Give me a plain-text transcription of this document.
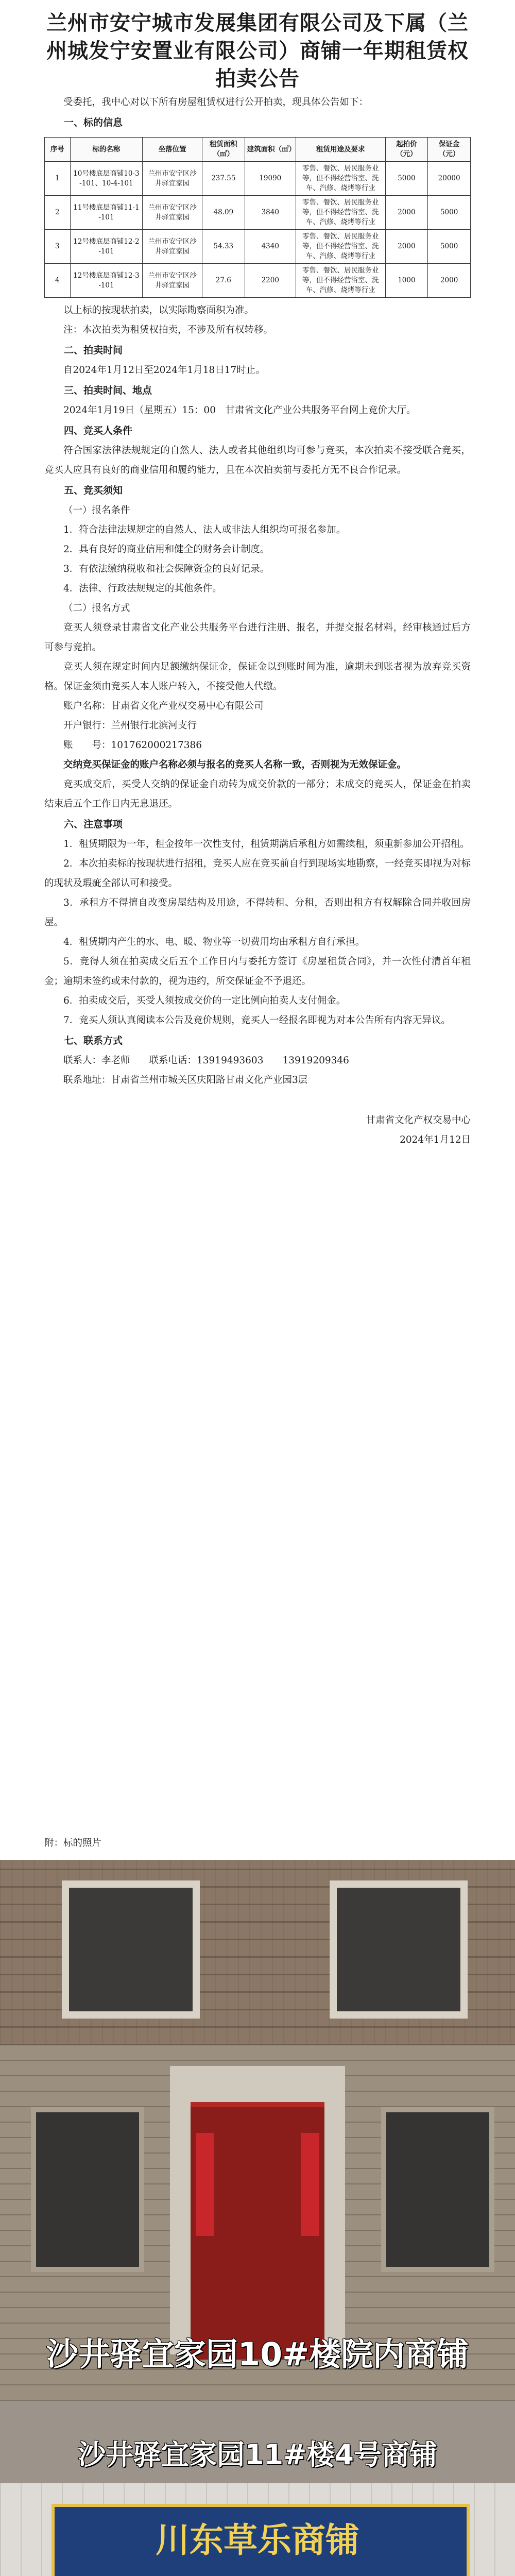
兰州市安宁城市发展集团有限公司及下属（兰州城发宁安置业有限公司）商铺一年期租赁权拍卖公告

受委托，我中心对以下所有房屋租赁权进行公开拍卖，现具体公告如下：

一、标的信息

序号	标的名称	坐落位置	租赁面积（㎡）	建筑面积（㎡）	租赁用途及要求	起拍价（元）	保证金（元）
1	10号楼底层商铺10-3-101、10-4-101	兰州市安宁区沙井驿宜家园	237.55	19090	零售、餐饮、居民服务业等，但不得经营浴室、洗车、汽修、烧烤等行业	5000	20000
2	11号楼底层商铺11-1-101	兰州市安宁区沙井驿宜家园	48.09	3840	零售、餐饮、居民服务业等，但不得经营浴室、洗车、汽修、烧烤等行业	2000	5000
3	12号楼底层商铺12-2-101	兰州市安宁区沙井驿宜家园	54.33	4340	零售、餐饮、居民服务业等，但不得经营浴室、洗车、汽修、烧烤等行业	2000	5000
4	12号楼底层商铺12-3-101	兰州市安宁区沙井驿宜家园	27.6	2200	零售、餐饮、居民服务业等，但不得经营浴室、洗车、汽修、烧烤等行业	1000	2000

以上标的按现状拍卖，以实际勘察面积为准。

注：本次拍卖为租赁权拍卖，不涉及所有权转移。

二、拍卖时间

自2024年1月12日至2024年1月18日17时止。

三、拍卖时间、地点

2024年1月19日（星期五）15：00　甘肃省文化产业公共服务平台网上竞价大厅。

四、竞买人条件

符合国家法律法规规定的自然人、法人或者其他组织均可参与竞买，本次拍卖不接受联合竞买，竞买人应具有良好的商业信用和履约能力，且在本次拍卖前与委托方无不良合作记录。

五、竞买须知

（一）报名条件

1．符合法律法规规定的自然人、法人或非法人组织均可报名参加。

2．具有良好的商业信用和健全的财务会计制度。

3．有依法缴纳税收和社会保障资金的良好记录。

4．法律、行政法规规定的其他条件。

（二）报名方式

竞买人须登录甘肃省文化产业公共服务平台进行注册、报名，并提交报名材料，经审核通过后方可参与竞拍。

竞买人须在规定时间内足额缴纳保证金，保证金以到账时间为准，逾期未到账者视为放弃竞买资格。保证金须由竞买人本人账户转入，不接受他人代缴。

账户名称：甘肃省文化产业权交易中心有限公司

开户银行：兰州银行北滨河支行

账　　号：101762000217386

交纳竞买保证金的账户名称必须与报名的竞买人名称一致，否则视为无效保证金。

竞买成交后，买受人交纳的保证金自动转为成交价款的一部分；未成交的竞买人，保证金在拍卖结束后五个工作日内无息退还。

六、注意事项

1．租赁期限为一年，租金按年一次性支付，租赁期满后承租方如需续租，须重新参加公开招租。

2．本次拍卖标的按现状进行招租，竞买人应在竞买前自行到现场实地勘察，一经竞买即视为对标的现状及瑕疵全部认可和接受。

3．承租方不得擅自改变房屋结构及用途，不得转租、分租，否则出租方有权解除合同并收回房屋。

4．租赁期内产生的水、电、暖、物业等一切费用均由承租方自行承担。

5．竞得人须在拍卖成交后五个工作日内与委托方签订《房屋租赁合同》，并一次性付清首年租金；逾期未签约或未付款的，视为违约，所交保证金不予退还。

6．拍卖成交后，买受人须按成交价的一定比例向拍卖人支付佣金。

7．竞买人须认真阅读本公告及竞价规则，竞买人一经报名即视为对本公告所有内容无异议。

七、联系方式

联系人：李老师　　联系电话：13919493603　　13919209346

联系地址：甘肃省兰州市城关区庆阳路甘肃文化产业园3层

甘肃省文化产权交易中心

2024年1月12日

附：标的照片

沙井驿宜家园10#楼院内商铺
沙井驿宜家园11#楼4号商铺
川东草乐商铺
